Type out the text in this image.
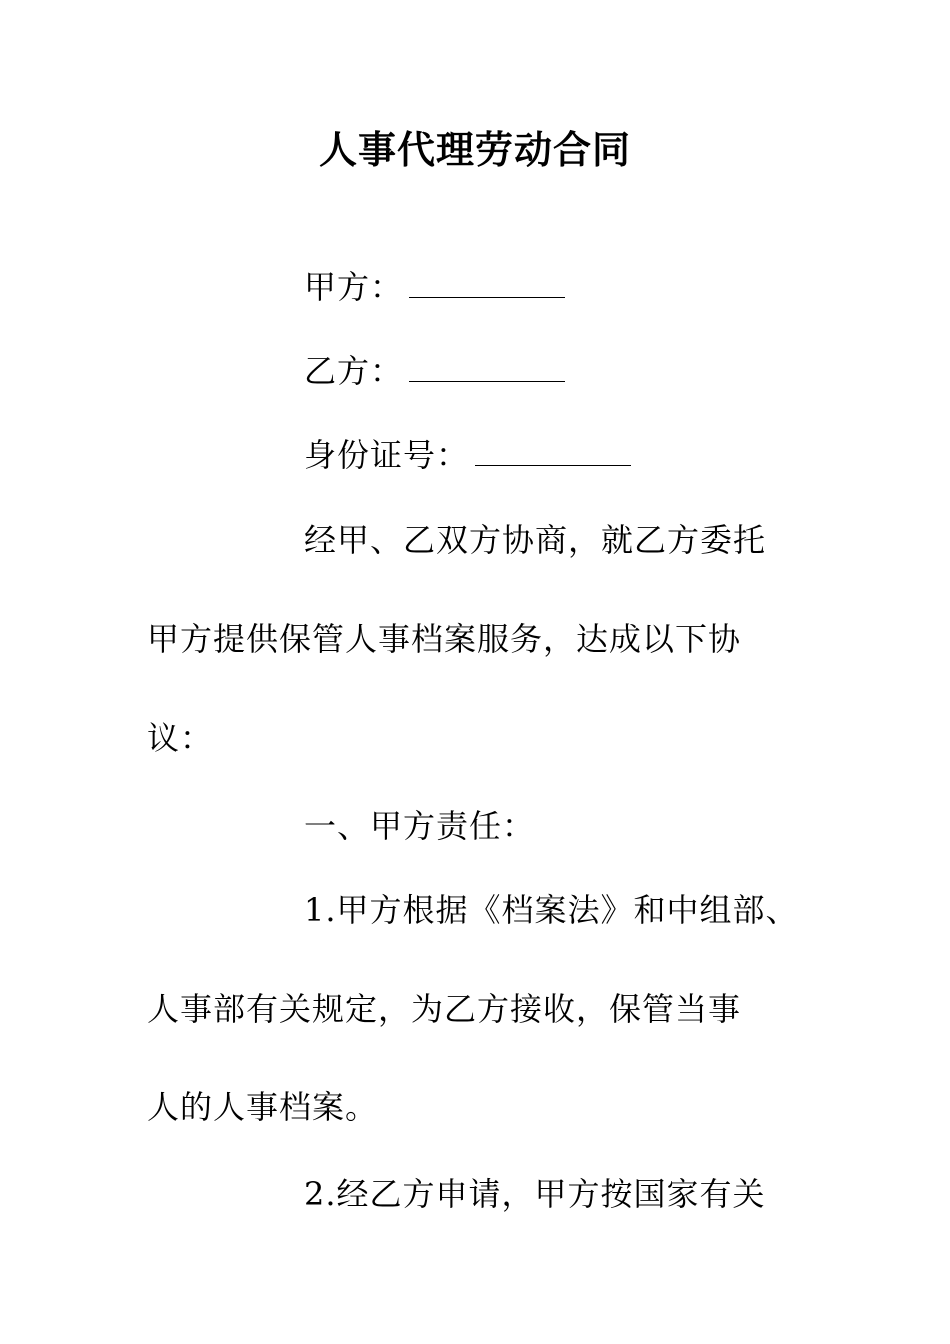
人事代理劳动合同
甲方：
乙方：
身份证号：
经甲、乙双方协商，就乙方委托
甲方提供保管人事档案服务，达成以下协
议：
一、甲方责任：
1.甲方根据《档案法》和中组部、
人事部有关规定，为乙方接收，保管当事
人的人事档案。
2.经乙方申请，甲方按国家有关
